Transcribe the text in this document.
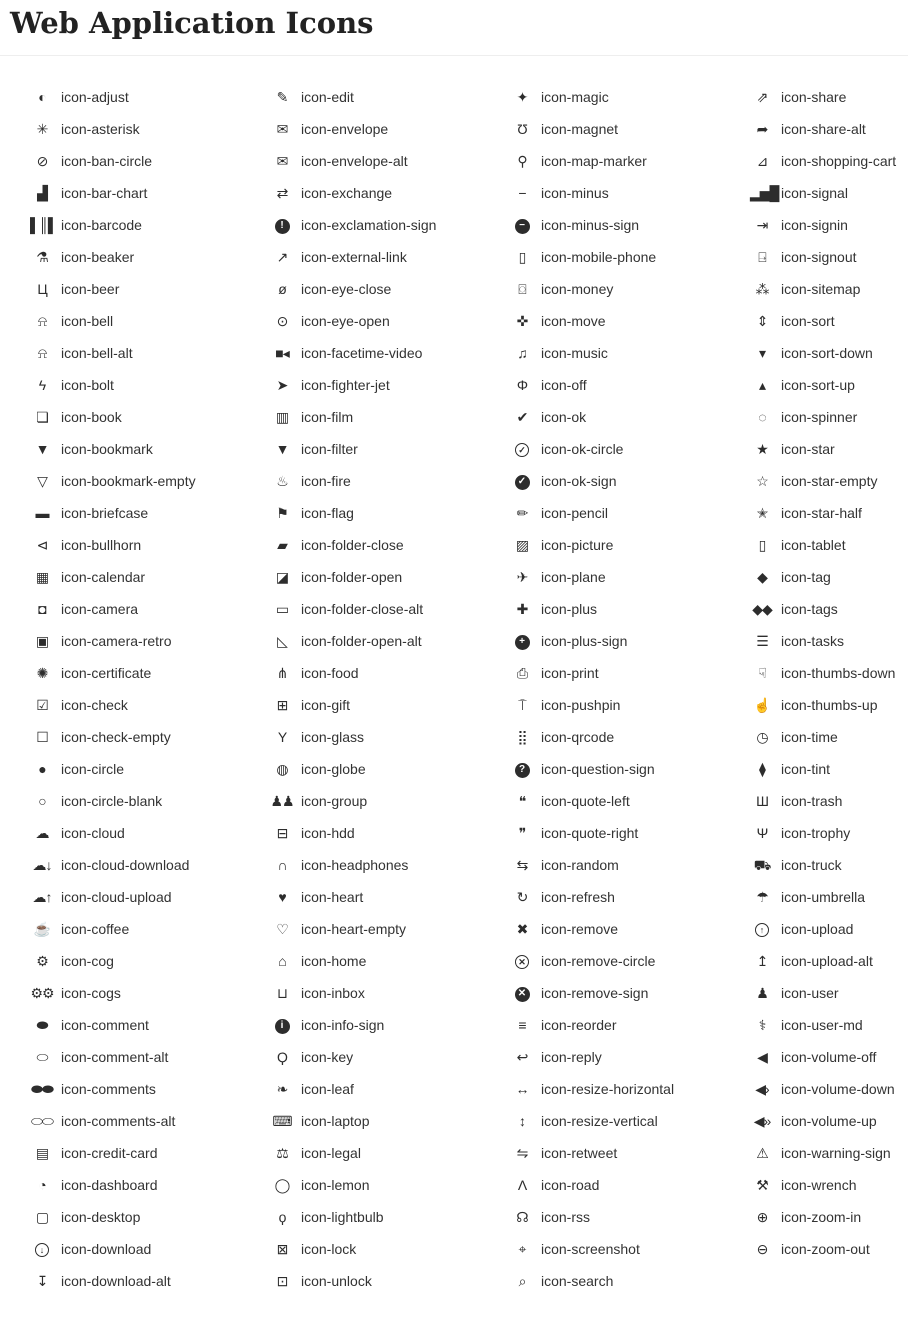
Web Application Icons
◐	icon-adjust
✳ icon-asterisk
⊘ icon-ban-circle
▟	icon-bar-chart
▌║▌ icon-barcode
⚗ icon-beaker
Ц	icon-beer
⍾	icon-bell
⍾	icon-bell-alt
ϟ	icon-bolt
❏ icon-book
▼ icon-bookmark
▽	icon-bookmark-empty
▬ icon-briefcase
⊲ icon-bullhorn
▦ icon-calendar
◘	icon-camera
▣ icon-camera-retro
✺ icon-certificate
☑ icon-check
☐ icon-check-empty
●	icon-circle
○	icon-circle-blank
☁ icon-cloud
☁↓ icon-cloud-download
☁↑ icon-cloud-upload
☕ icon-coffee
⚙ icon-cog
⚙⚙ icon-cogs
⬬ icon-comment
⬭ icon-comment-alt
⬬⬬ icon-comments
⬭⬭ icon-comments-alt
▤ icon-credit-card
◔	icon-dashboard
▢ icon-desktop
↓	icon-download
↧ icon-download-alt
✎ icon-edit
✉ icon-envelope
✉ icon-envelope-alt
⇄ icon-exchange
!	icon-exclamation-sign
↗ icon-external-link
ø	icon-eye-close
⊙ icon-eye-open
■◂ icon-facetime-video
➤ icon-fighter-jet
▥ icon-film
▼ icon-filter
♨ icon-fire
⚑ icon-flag
▰	icon-folder-close
◪ icon-folder-open
▭ icon-folder-close-alt
◺	icon-folder-open-alt
⋔ icon-food
⊞ icon-gift
Υ	icon-glass
◍ icon-globe
♟♟ icon-group
⊟ icon-hdd
∩	icon-headphones
♥	icon-heart
♡ icon-heart-empty
⌂	icon-home
⊔	icon-inbox
i	icon-info-sign
Ϙ	icon-key
❧ icon-leaf
⌨ icon-laptop
⚖ icon-legal
◯ icon-lemon
ϙ	icon-lightbulb
⊠ icon-lock
⊡ icon-unlock
✦ icon-magic
Ʊ	icon-magnet
⚲	icon-map-marker
−	icon-minus
−	icon-minus-sign
▯	icon-mobile-phone
⌼	icon-money
✜ icon-move
♫	icon-music
Φ icon-off
✔ icon-ok
✓	icon-ok-circle
✓	icon-ok-sign
✏ icon-pencil
▨ icon-picture
✈ icon-plane
✚ icon-plus
+	icon-plus-sign
⎙ icon-print
⍑	icon-pushpin
⣿	icon-qrcode
?	icon-question-sign
❝	icon-quote-left
❞	icon-quote-right
⇆ icon-random
↻ icon-refresh
✖ icon-remove
✕	icon-remove-circle
✕	icon-remove-sign
≡	icon-reorder
↩ icon-reply
↔ icon-resize-horizontal
↕	icon-resize-vertical
⇋ icon-retweet
Λ	icon-road
☊ icon-rss
⌖	icon-screenshot
⌕	icon-search
⇗ icon-share
➦ icon-share-alt
⊿ icon-shopping-cart
▂▅█ icon-signal
⇥ icon-signin
⍈	icon-signout
⁂ icon-sitemap
⇕ icon-sort
▾	icon-sort-down
▴	icon-sort-up
◌	icon-spinner
★ icon-star
☆ icon-star-empty
✭ icon-star-half
▯	icon-tablet
◆	icon-tag
◆◆ icon-tags
☰ icon-tasks
☟	icon-thumbs-down
☝ icon-thumbs-up
◷ icon-time
⧫	icon-tint
Ш icon-trash
Ψ icon-trophy
⛟ icon-truck
☂ icon-umbrella
↑	icon-upload
↥ icon-upload-alt
♟ icon-user
⚕	icon-user-md
◀	icon-volume-off
◀› icon-volume-down
◀» icon-volume-up
⚠ icon-warning-sign
⚒ icon-wrench
⊕ icon-zoom-in
⊖ icon-zoom-out
